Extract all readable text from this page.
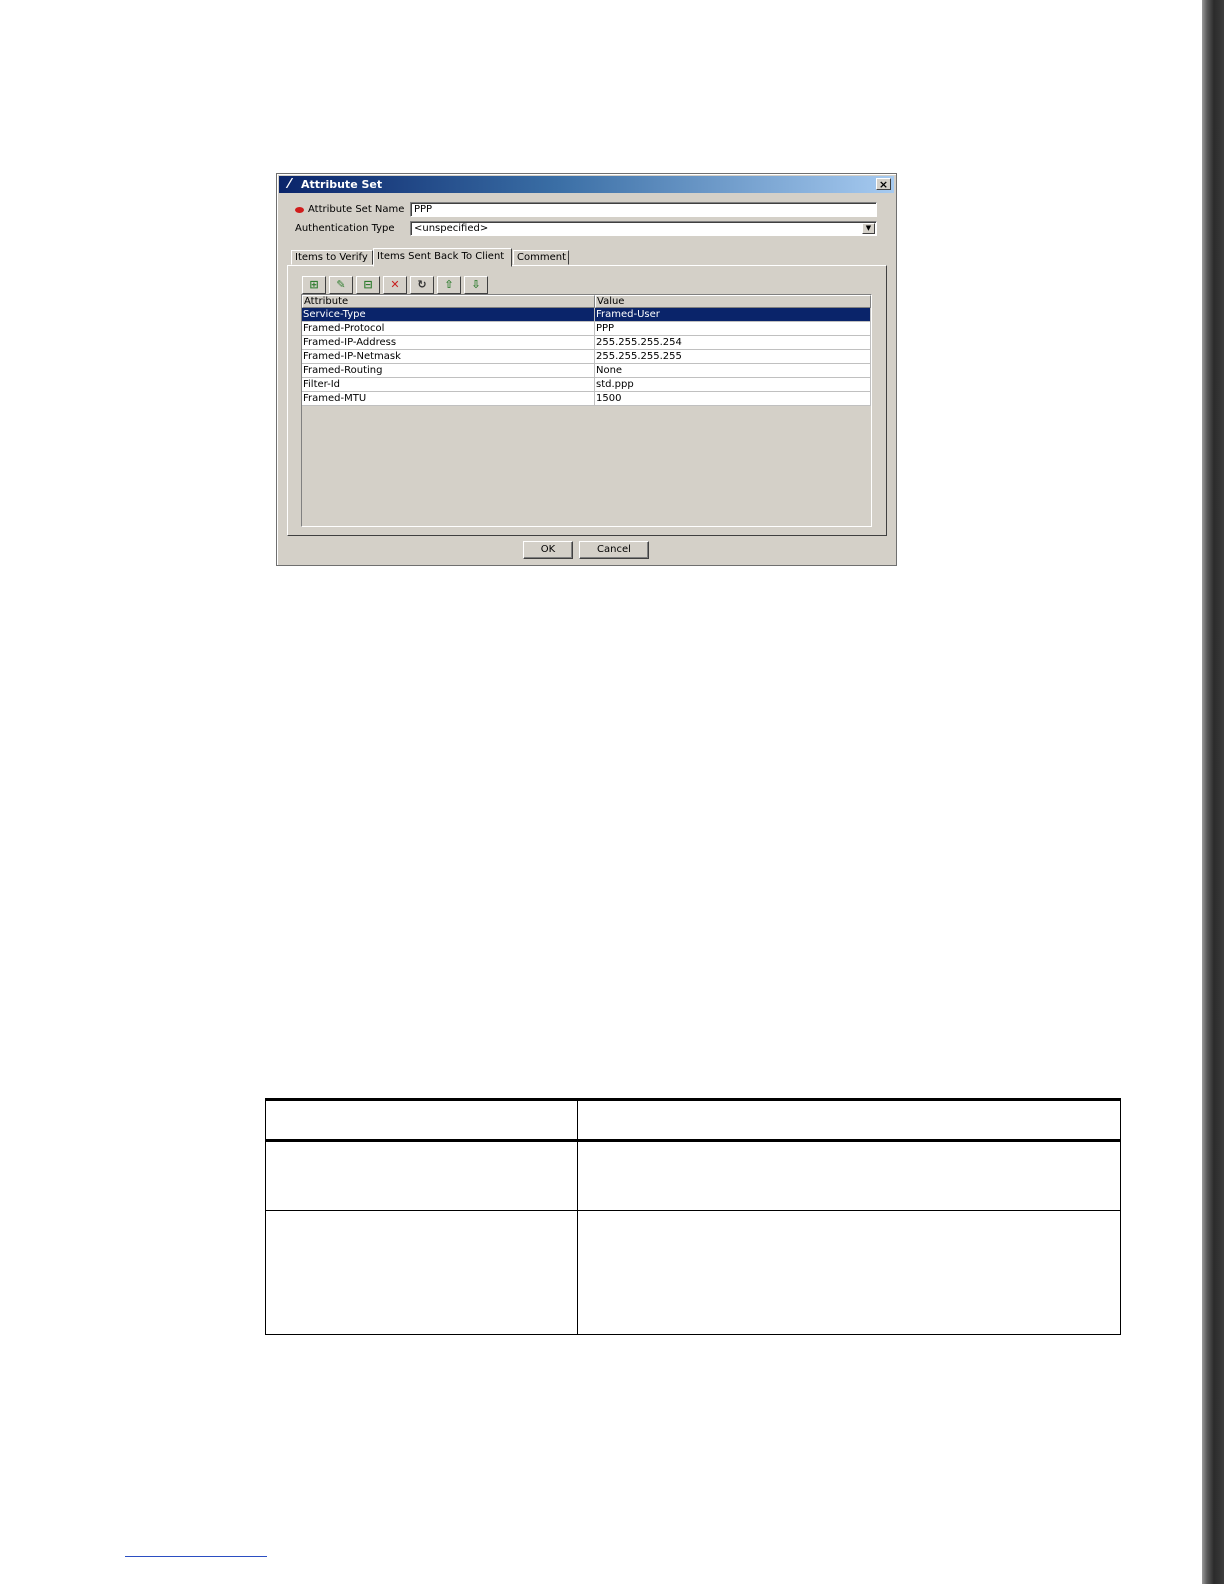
⁄ Attribute Set	×
Attribute Set Name PPP
Authentication Type	<unspecified>	▼
Items to Verify Items Sent Back To Client	Comment
⊞	✎	⊟	✕	↻	⇧	⇩
Attribute	Value
Service-Type	Framed-User
Framed-Protocol	PPP
Framed-IP-Address	255.255.255.254
Framed-IP-Netmask	255.255.255.255
Framed-Routing	None
Filter-Id	std.ppp
Framed-MTU	1500
OK	Cancel
